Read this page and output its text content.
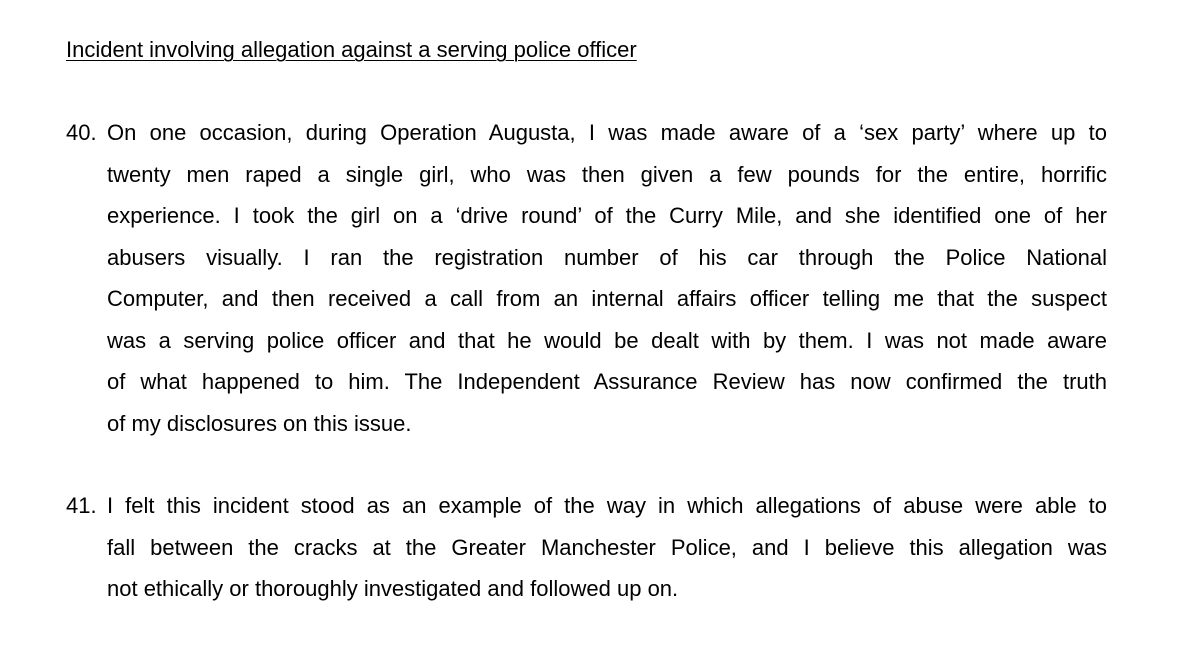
Incident involving allegation against a serving police officer
40. On one occasion, during Operation Augusta, I was made aware of a ‘sex party’ where up to
twenty men raped a single girl, who was then given a few pounds for the entire, horrific
experience. I took the girl on a ‘drive round’ of the Curry Mile, and she identified one of her
abusers visually. I ran the registration number of his car through the Police National
Computer, and then received a call from an internal affairs officer telling me that the suspect
was a serving police officer and that he would be dealt with by them. I was not made aware
of what happened to him. The Independent Assurance Review has now confirmed the truth
of my disclosures on this issue.
41. I felt this incident stood as an example of the way in which allegations of abuse were able to
fall between the cracks at the Greater Manchester Police, and I believe this allegation was
not ethically or thoroughly investigated and followed up on.
